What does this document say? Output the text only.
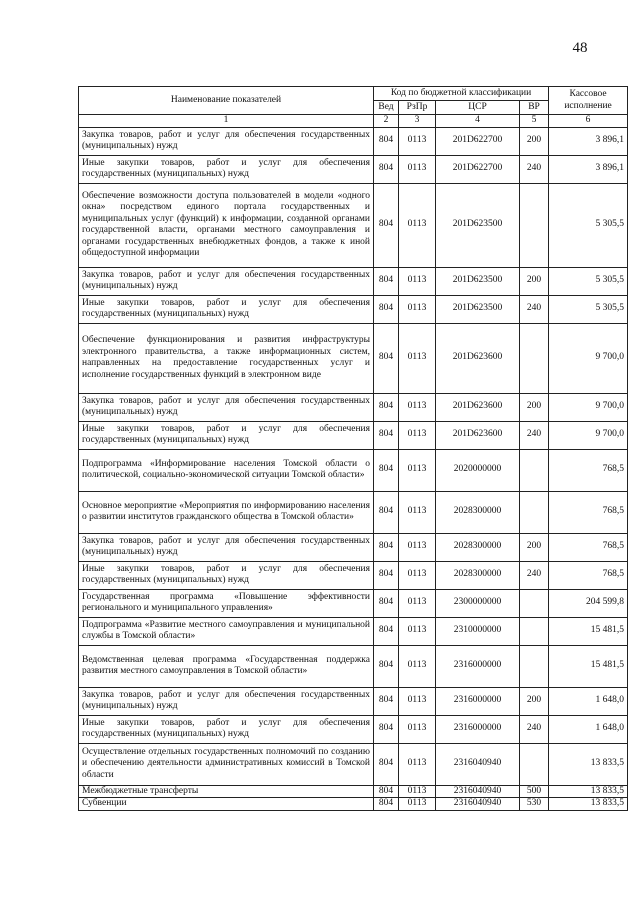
48
Наименование показателей	Код по бюджетной классификации				Кассовое исполнение
	Вед	РзПр	ЦСР	ВР	
1	2	3	4	5	6
Закупка товаров, работ и услуг для обеспечения государственных (муниципальных) нужд	804	0113	201D622700	200	3 896,1
Иные закупки товаров, работ и услуг для обеспечения государственных (муниципальных) нужд	804	0113	201D622700	240	3 896,1
Обеспечение возможности доступа пользователей в модели «одного окна» посредством единого портала государственных и муниципальных услуг (функций) к информации, созданной органами государственной власти, органами местного самоуправления и органами государственных внебюджетных фондов, а также к иной общедоступной информации	804	0113	201D623500		5 305,5
Закупка товаров, работ и услуг для обеспечения государственных (муниципальных) нужд	804	0113	201D623500	200	5 305,5
Иные закупки товаров, работ и услуг для обеспечения государственных (муниципальных) нужд	804	0113	201D623500	240	5 305,5
Обеспечение функционирования и развития инфраструктуры электронного правительства, а также информационных систем, направленных на предоставление государственных услуг и исполнение государственных функций в электронном виде	804	0113	201D623600		9 700,0
Закупка товаров, работ и услуг для обеспечения государственных (муниципальных) нужд	804	0113	201D623600	200	9 700,0
Иные закупки товаров, работ и услуг для обеспечения государственных (муниципальных) нужд	804	0113	201D623600	240	9 700,0
Подпрограмма «Информирование населения Томской области о политической, социально-экономической ситуации Томской области»	804	0113	2020000000		768,5
Основное мероприятие «Мероприятия по информированию населения о развитии институтов гражданского общества в Томской области»	804	0113	2028300000		768,5
Закупка товаров, работ и услуг для обеспечения государственных (муниципальных) нужд	804	0113	2028300000	200	768,5
Иные закупки товаров, работ и услуг для обеспечения государственных (муниципальных) нужд	804	0113	2028300000	240	768,5
Государственная программа «Повышение эффективности регионального и муниципального управления»	804	0113	2300000000		204 599,8
Подпрограмма «Развитие местного самоуправления и муниципальной службы в Томской области»	804	0113	2310000000		15 481,5
Ведомственная целевая программа «Государственная поддержка развития местного самоуправления в Томской области»	804	0113	2316000000		15 481,5
Закупка товаров, работ и услуг для обеспечения государственных (муниципальных) нужд	804	0113	2316000000	200	1 648,0
Иные закупки товаров, работ и услуг для обеспечения государственных (муниципальных) нужд	804	0113	2316000000	240	1 648,0
Осуществление отдельных государственных полномочий по созданию и обеспечению деятельности административных комиссий в Томской области	804	0113	2316040940		13 833,5
Межбюджетные трансферты	804	0113	2316040940	500	13 833,5
Субвенции	804	0113	2316040940	530	13 833,5
